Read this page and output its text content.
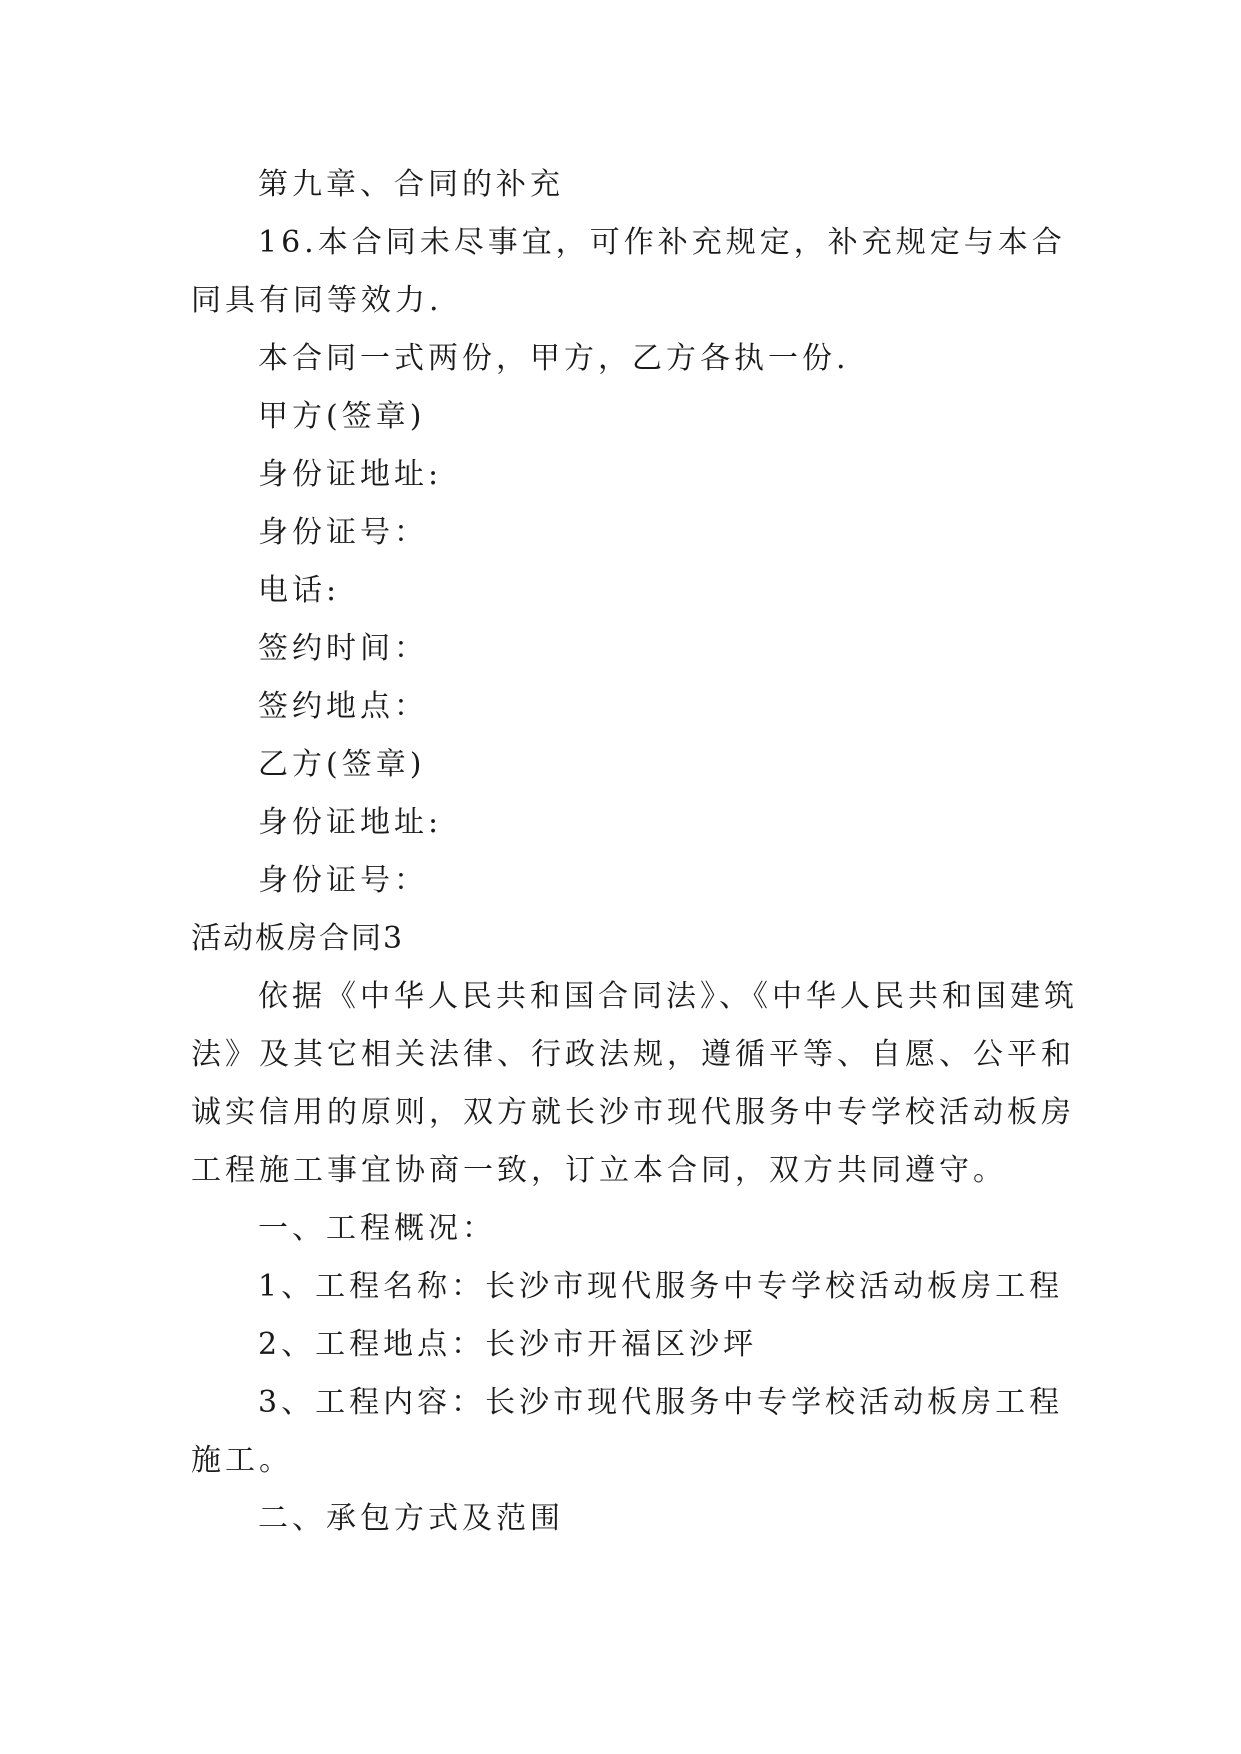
第九章、合同的补充
16.本合同未尽事宜，可作补充规定，补充规定与本合
同具有同等效力.
本合同一式两份，甲方，乙方各执一份.
甲方(签章)
身份证地址:
身份证号：
电话:
签约时间：
签约地点：
乙方(签章)
身份证地址:
身份证号：
活动板房合同3
依据《中华人民共和国合同法》、《中华人民共和国建筑
法》及其它相关法律、行政法规，遵循平等、自愿、公平和
诚实信用的原则，双方就长沙市现代服务中专学校活动板房
工程施工事宜协商一致，订立本合同，双方共同遵守。
一、工程概况：
1、工程名称：长沙市现代服务中专学校活动板房工程
2、工程地点：长沙市开福区沙坪
3、工程内容：长沙市现代服务中专学校活动板房工程
施工。
二、承包方式及范围
